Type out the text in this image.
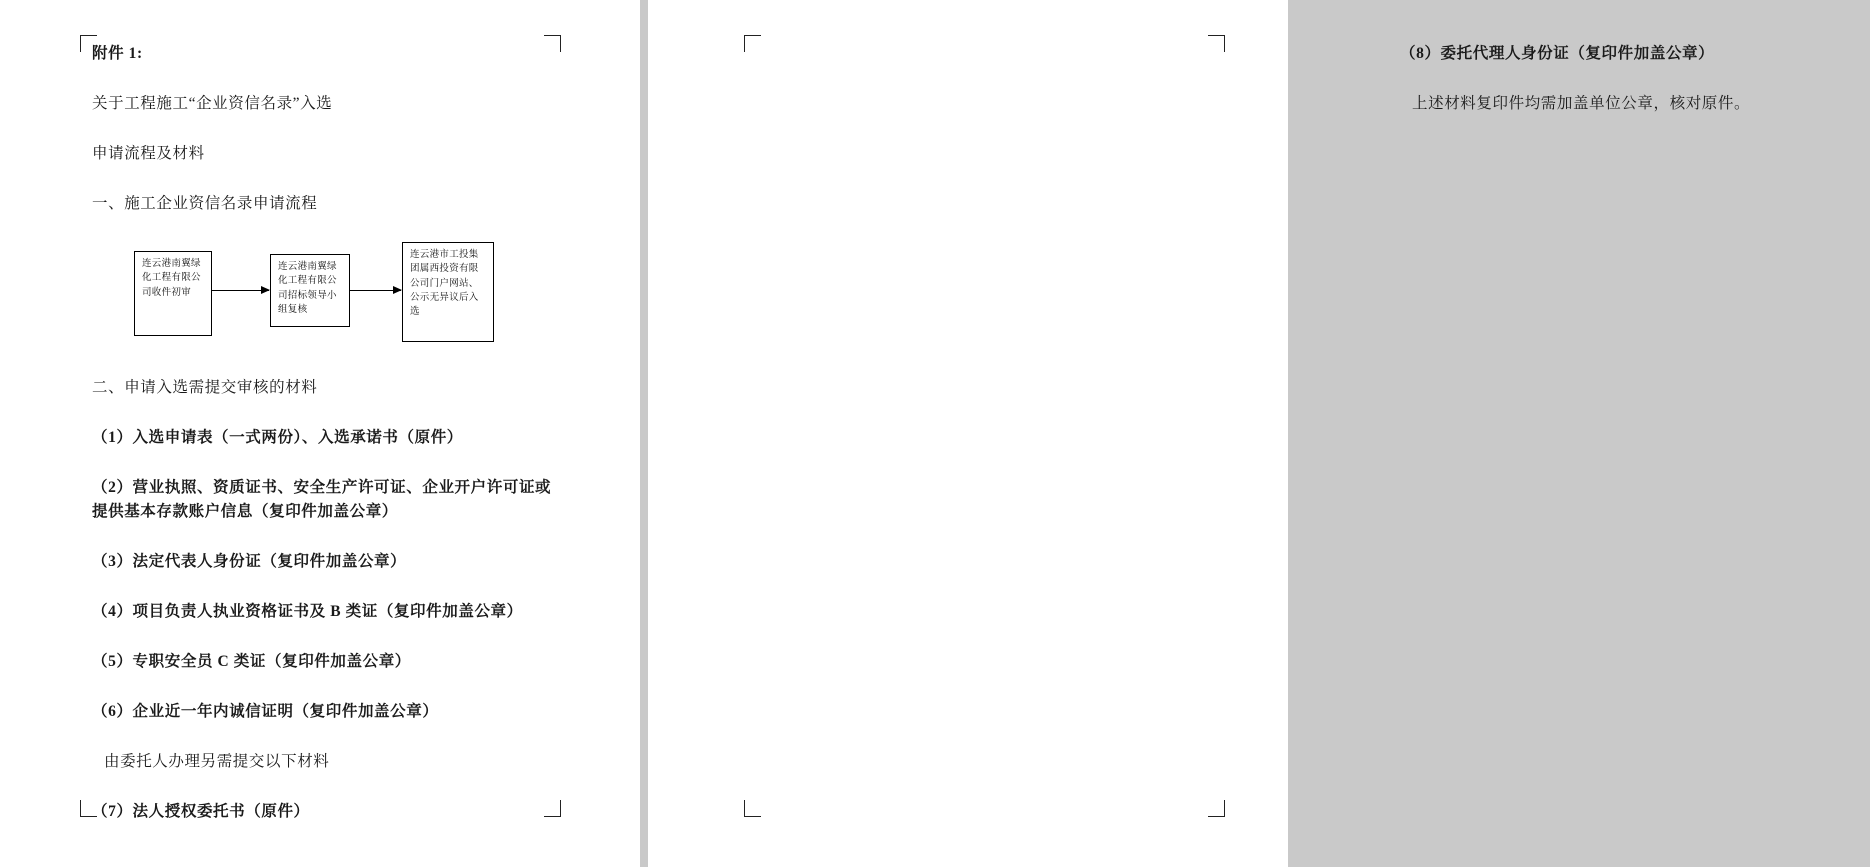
附件 1:

关于工程施工“企业资信名录”入选

申请流程及材料

一、施工企业资信名录申请流程

连云港南翼绿化工程有限公司收件初审
连云港南翼绿化工程有限公司招标领导小组复核
连云港市工投集团属西投资有限公司门户网站、公示无异议后入选

二、申请入选需提交审核的材料

（1）入选申请表（一式两份）、入选承诺书（原件）

（2）营业执照、资质证书、安全生产许可证、企业开户许可证或提供基本存款账户信息（复印件加盖公章）

（3）法定代表人身份证（复印件加盖公章）

（4）项目负责人执业资格证书及 B 类证（复印件加盖公章）

（5）专职安全员 C 类证（复印件加盖公章）

（6）企业近一年内诚信证明（复印件加盖公章）

由委托人办理另需提交以下材料

（7）法人授权委托书（原件）

（8）委托代理人身份证（复印件加盖公章）

上述材料复印件均需加盖单位公章，核对原件。
